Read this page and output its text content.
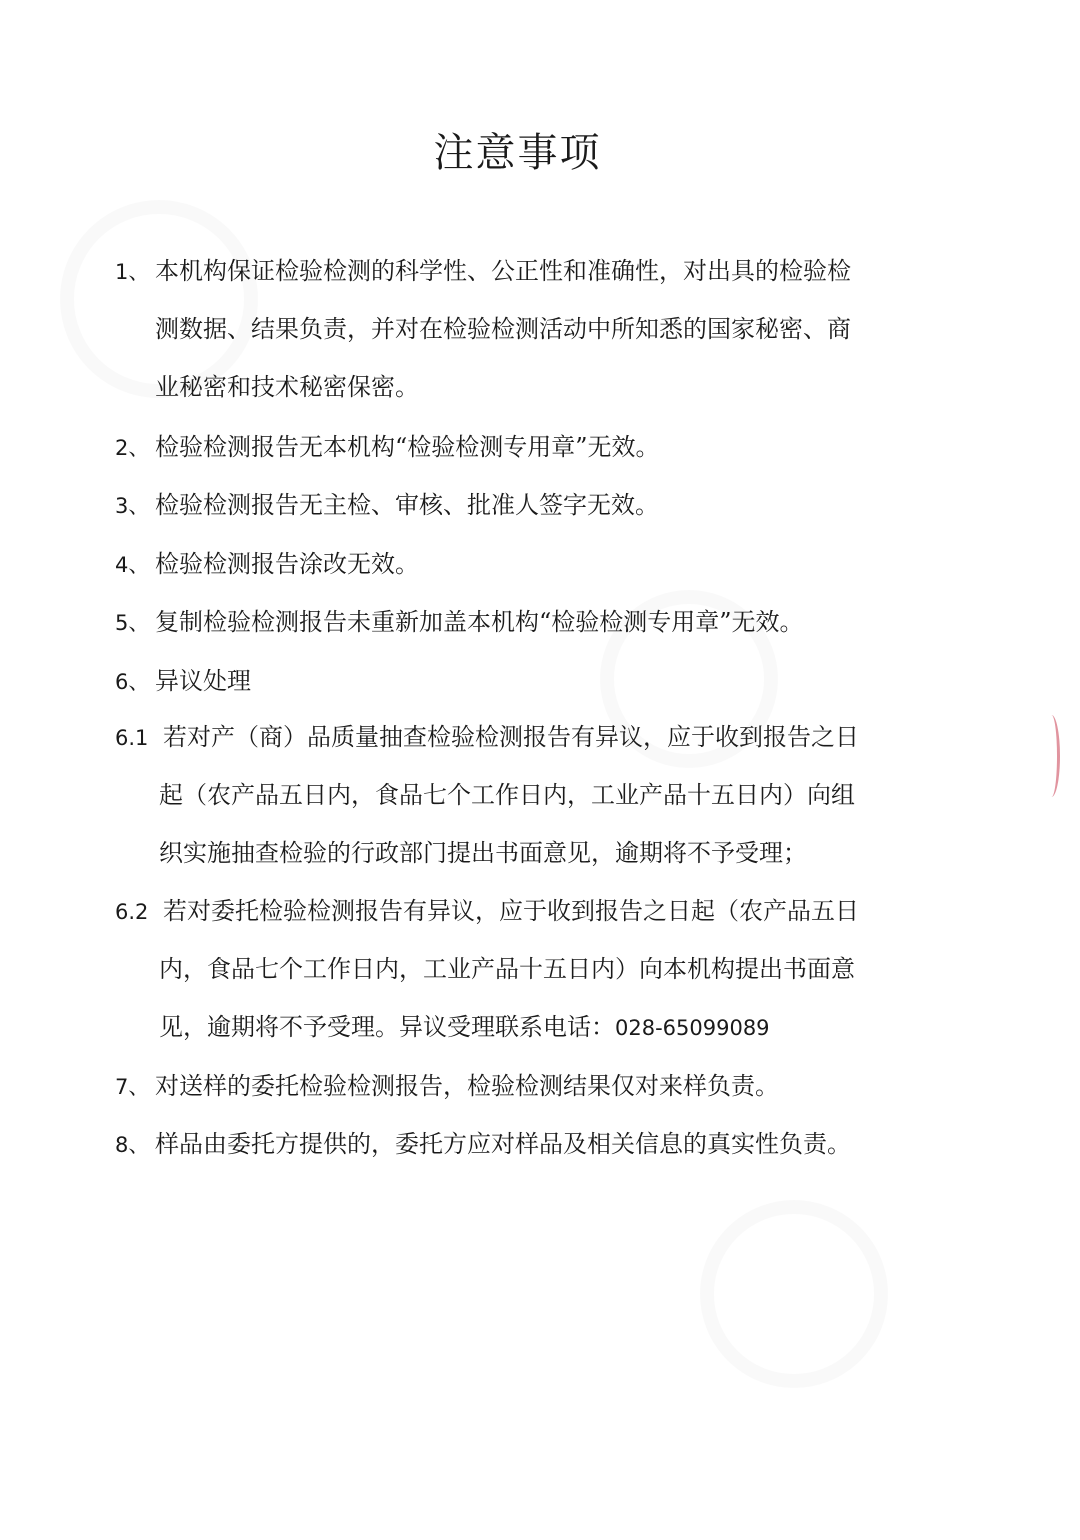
注意事项
1、 本机构保证检验检测的科学性、公正性和准确性，对出具的检验检
测数据、结果负责，并对在检验检测活动中所知悉的国家秘密、商
业秘密和技术秘密保密。
2、 检验检测报告无本机构“检验检测专用章”无效。
3、 检验检测报告无主检、审核、批准人签字无效。
4、 检验检测报告涂改无效。
5、 复制检验检测报告未重新加盖本机构“检验检测专用章”无效。
6、 异议处理
6.1 若对产（商）品质量抽查检验检测报告有异议，应于收到报告之日
起（农产品五日内，食品七个工作日内，工业产品十五日内）向组
织实施抽查检验的行政部门提出书面意见，逾期将不予受理；
6.2 若对委托检验检测报告有异议，应于收到报告之日起（农产品五日
内，食品七个工作日内，工业产品十五日内）向本机构提出书面意
见，逾期将不予受理。异议受理联系电话：028-65099089
7、 对送样的委托检验检测报告，检验检测结果仅对来样负责。
8、 样品由委托方提供的，委托方应对样品及相关信息的真实性负责。
